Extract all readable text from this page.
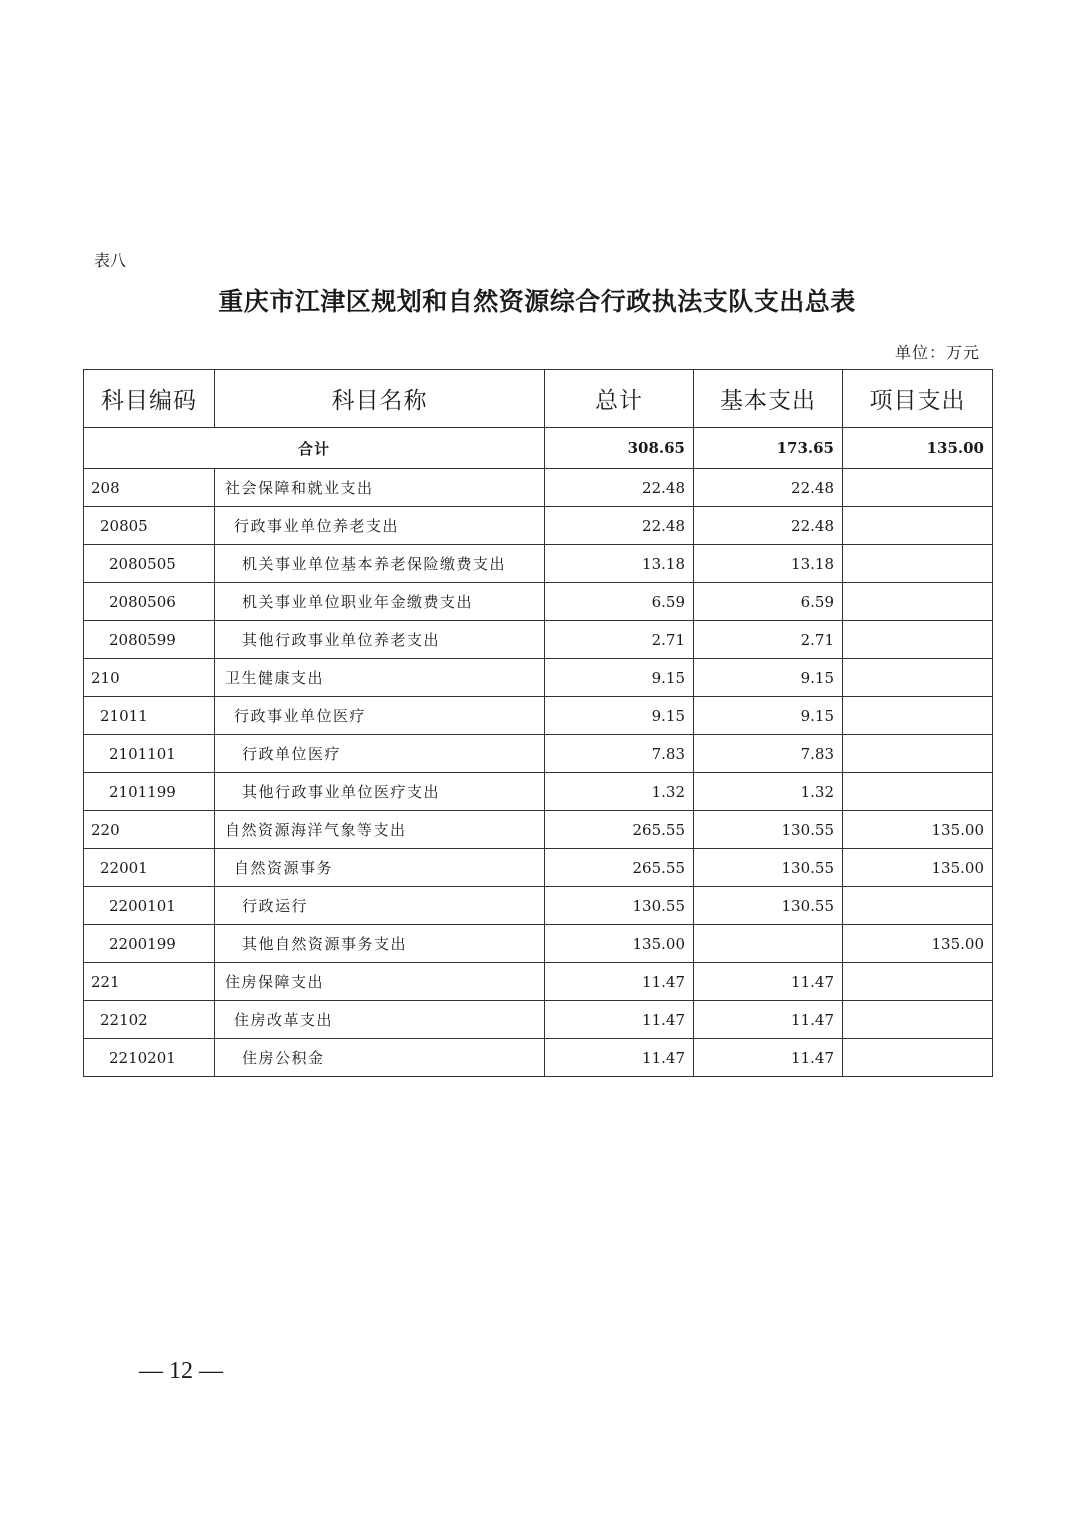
表八
重庆市江津区规划和自然资源综合行政执法支队支出总表
单位：万元
科目编码	科目名称	总计	基本支出	项目支出
合计		308.65	173.65	135.00
208	社会保障和就业支出	22.48	22.48	
20805	行政事业单位养老支出	22.48	22.48	
2080505	机关事业单位基本养老保险缴费支出	13.18	13.18	
2080506	机关事业单位职业年金缴费支出	6.59	6.59	
2080599	其他行政事业单位养老支出	2.71	2.71	
210	卫生健康支出	9.15	9.15	
21011	行政事业单位医疗	9.15	9.15	
2101101	行政单位医疗	7.83	7.83	
2101199	其他行政事业单位医疗支出	1.32	1.32	
220	自然资源海洋气象等支出	265.55	130.55	135.00
22001	自然资源事务	265.55	130.55	135.00
2200101	行政运行	130.55	130.55	
2200199	其他自然资源事务支出	135.00		135.00
221	住房保障支出	11.47	11.47	
22102	住房改革支出	11.47	11.47	
2210201	住房公积金	11.47	11.47	
— 12 —
